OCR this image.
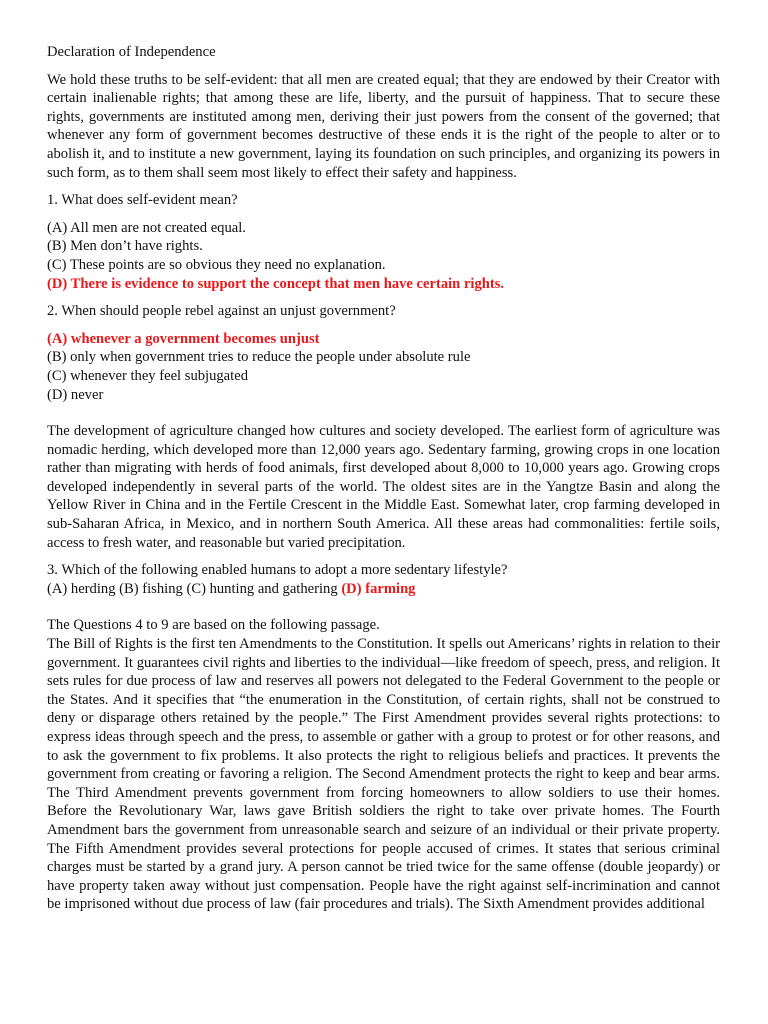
Declaration of Independence

We hold these truths to be self-evident: that all men are created equal; that they are endowed by their Creator with certain inalienable rights; that among these are life, liberty, and the pursuit of happiness. That to secure these rights, governments are instituted among men, deriving their just powers from the consent of the governed; that whenever any form of government becomes destructive of these ends it is the right of the people to alter or to abolish it, and to institute a new government, laying its foundation on such principles, and organizing its powers in such form, as to them shall seem most likely to effect their safety and happiness.

1. What does self-evident mean?

(A) All men are not created equal.
(B) Men don’t have rights.
(C) These points are so obvious they need no explanation.
(D) There is evidence to support the concept that men have certain rights.

2. When should people rebel against an unjust government?

(A) whenever a government becomes unjust
(B) only when government tries to reduce the people under absolute rule
(C) whenever they feel subjugated
(D) never

The development of agriculture changed how cultures and society developed. The earliest form of agriculture was nomadic herding, which developed more than 12,000 years ago. Sedentary farming, growing crops in one location rather than migrating with herds of food animals, first developed about 8,000 to 10,000 years ago. Growing crops developed independently in several parts of the world. The oldest sites are in the Yangtze Basin and along the Yellow River in China and in the Fertile Crescent in the Middle East. Somewhat later, crop farming developed in sub-Saharan Africa, in Mexico, and in northern South America. All these areas had commonalities: fertile soils, access to fresh water, and reasonable but varied precipitation.

3. Which of the following enabled humans to adopt a more sedentary lifestyle?

(A) herding (B) fishing (C) hunting and gathering (D) farming

The Questions 4 to 9 are based on the following passage.

The Bill of Rights is the first ten Amendments to the Constitution. It spells out Americans’ rights in relation to their government. It guarantees civil rights and liberties to the individual—like freedom of speech, press, and religion. It sets rules for due process of law and reserves all powers not delegated to the Federal Government to the people or the States. And it specifies that “the enumeration in the Constitution, of certain rights, shall not be construed to deny or disparage others retained by the people.” The First Amendment provides several rights protections: to express ideas through speech and the press, to assemble or gather with a group to protest or for other reasons, and to ask the government to fix problems. It also protects the right to religious beliefs and practices. It prevents the government from creating or favoring a religion. The Second Amendment protects the right to keep and bear arms. The Third Amendment prevents government from forcing homeowners to allow soldiers to use their homes. Before the Revolutionary War, laws gave British soldiers the right to take over private homes. The Fourth Amendment bars the government from unreasonable search and seizure of an individual or their private property. The Fifth Amendment provides several protections for people accused of crimes. It states that serious criminal charges must be started by a grand jury. A person cannot be tried twice for the same offense (double jeopardy) or have property taken away without just compensation. People have the right against self-incrimination and cannot be imprisoned without due process of law (fair procedures and trials). The Sixth Amendment provides additional
